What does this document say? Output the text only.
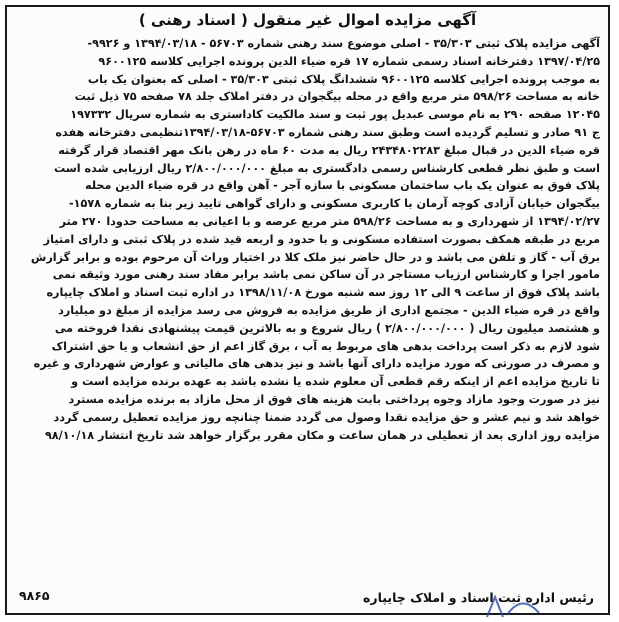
آگهی مزایده اموال غیر منقول ( اسناد رهنی )

آگهی مزایده پلاک ثبتی ۳۵/۳۰۳ - اصلی موضوع سند رهنی شماره ۵۶۷۰۳ - ۱۳۹۴/۰۳/۱۸ و ۹۹۲۶-
۱۳۹۷/۰۴/۲۵ دفترخانه اسناد رسمی شماره ۱۷ قره ضیاء الدین پرونده اجرایی کلاسه ۹۶۰۰۱۲۵
به موجب پرونده اجرایی کلاسه ۹۶۰۰۱۲۵ ششدانگ پلاک ثبتی ۳۵/۳۰۳ - اصلی که بعنوان یک باب
خانه به مساحت ۵۹۸/۲۶ متر مربع واقع در محله بیگجوان در دفتر املاک جلد ۷۸ صفحه ۷۵ ذیل ثبت
۱۲۰۴۵ صفحه ۲۹۰ به نام موسی عبدیل پور ثبت و سند مالکیت کاداستری به شماره سریال ۱۹۷۳۳۲
ج ۹۱ صادر و تسلیم گردیده است وطبق سند رهنی شماره ۵۶۷۰۳-۱۳۹۴/۰۳/۱۸تنظیمی دفترخانه هفده
قره ضیاء الدین در قبال مبلغ ۲۴۳۴۸۰۲۲۸۳ ریال به مدت ۶۰ ماه در رهن بانک مهر اقتصاد قرار گرفته
است و طبق نظر قطعی کارشناس رسمی دادگستری به مبلغ ۲/۸۰۰/۰۰۰/۰۰۰ ریال ارزیابی شده است
پلاک فوق به عنوان یک باب ساختمان مسکونی با سازه آجر - آهن واقع در قره ضیاء الدین محله
بیگجوان خیابان آزادی کوچه آرمان با کاربری مسکونی و دارای گواهی تایید زیر بنا به شماره ۱۵۷۸-
۱۳۹۴/۰۲/۲۷ از شهرداری و به مساحت ۵۹۸/۲۶ متر مربع عرصه و با اعیانی به مساحت حدودا ۲۷۰ متر
مربع در طبقه همکف بصورت استفاده مسکونی و با حدود و اربعه قید شده در پلاک ثبتی و دارای امتیاز
برق آب - گاز و تلفن می باشد و در حال حاضر نیز ملک کلا در اختیار وراث آن مرحوم بوده و برابر گزارش
مامور اجرا و کارشناس ارزیاب مستاجر در آن ساکن نمی باشد برابر مفاد سند رهنی مورد وثیقه نمی
باشد پلاک فوق از ساعت ۹ الی ۱۲ روز سه شنبه مورخ ۱۳۹۸/۱۱/۰۸ در اداره ثبت اسناد و املاک چایپاره
واقع در قره ضیاء الدین - مجتمع اداری از طریق مزایده به فروش می رسد مزایده از مبلغ دو میلیارد
و هشتصد میلیون ریال ( ۲/۸۰۰/۰۰۰/۰۰۰ ) ریال شروع و به بالاترین قیمت پیشنهادی نقدا فروخته می
شود لازم به ذکر است پرداخت بدهی های مربوط به آب ، برق گاز اعم از حق انشعاب و یا حق اشتراک
و مصرف در صورتی که مورد مزایده دارای آنها باشد و نیز بدهی های مالیاتی و عوارض شهرداری و غیره
تا تاریخ مزایده اعم از اینکه رقم قطعی آن معلوم شده یا نشده باشد به عهده برنده مزایده است و
نیز در صورت وجود مازاد وجوه پرداختی بابت هزینه های فوق از محل مازاد به برنده مزایده مسترد
خواهد شد و نیم عشر و حق مزایده نقدا وصول می گردد ضمنا چنانچه روز مزایده تعطیل رسمی گردد
مزایده روز اداری بعد از تعطیلی در همان ساعت و مکان مقرر برگزار خواهد شد تاریخ انتشار ۹۸/۱۰/۱۸

رئیس اداره ثبت اسناد و املاک چایپاره
۹۸۶۵
